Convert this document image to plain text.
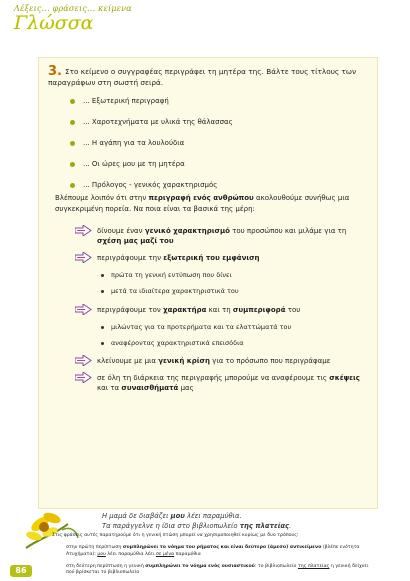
Λέξεις... φράσεις... κείμενα
Γλώσσα
3. Στο κείμενο ο συγγραφέας περιγράφει τη μητέρα της. Βάλτε τους τίτλους των παραγράφων στη σωστή σειρά.
... Εξωτερική περιγραφή
... Χαροτεχνήματα με υλικά της θάλασσας
... Η αγάπη για τα λουλούδια
... Οι ώρες μου με τη μητέρα
... Πρόλογος - γενικός χαρακτηρισμός
Βλέπουμε λοιπόν ότι στην περιγραφή ενός ανθρώπου ακολουθούμε συνήθως μια συγκεκριμένη πορεία. Να ποια είναι τα βασικά της μέρη:
δίνουμε έναν γενικό χαρακτηρισμό του προσώπου και μιλάμε για τη σχέση μας μαζί του
περιγράφουμε την εξωτερική του εμφάνιση
πρώτα τη γενική εντύπωση που δίνει
μετά τα ιδιαίτερα χαρακτηριστικά του
περιγράφουμε τον χαρακτήρα και τη συμπεριφορά του
μιλώντας για τα προτερήματα και τα ελαττώματά του
αναφέροντας χαρακτηριστικά επεισόδια
κλείνουμε με μια γενική κρίση για το πρόσωπο που περιγράφαμε
σε όλη τη διάρκεια της περιγραφής μπορούμε να αναφέρουμε τις σκέψεις και τα συναισθήματά μας
Η μαμά δε διαβάζει μου λέει παραμύθια.
Τα παράγγελνε η ίδια στο βιβλιοπωλείο της πλατείας.
Στις φράσεις αυτές παρατηρούμε ότι η γενική πτώση μπορεί να χρησιμοποιηθεί κυρίως με δυο τρόπους:
στην πρώτη περίπτωση συμπληρώνει το νόημα του ρήματος και είναι δεύτερο (άμεσο) αντικείμενο (βλέπε ενότητα Ατυχήματα): μου λέει παραμύθια λέει σε μένα παραμύθια
στη δεύτερη περίπτωση η γενική συμπληρώνει το νόημα ενός ουσιαστικού: το βιβλιοπωλείο της πλατείας η γενική δείχνει πού βρίσκεται το βιβλιοπωλείο
86
